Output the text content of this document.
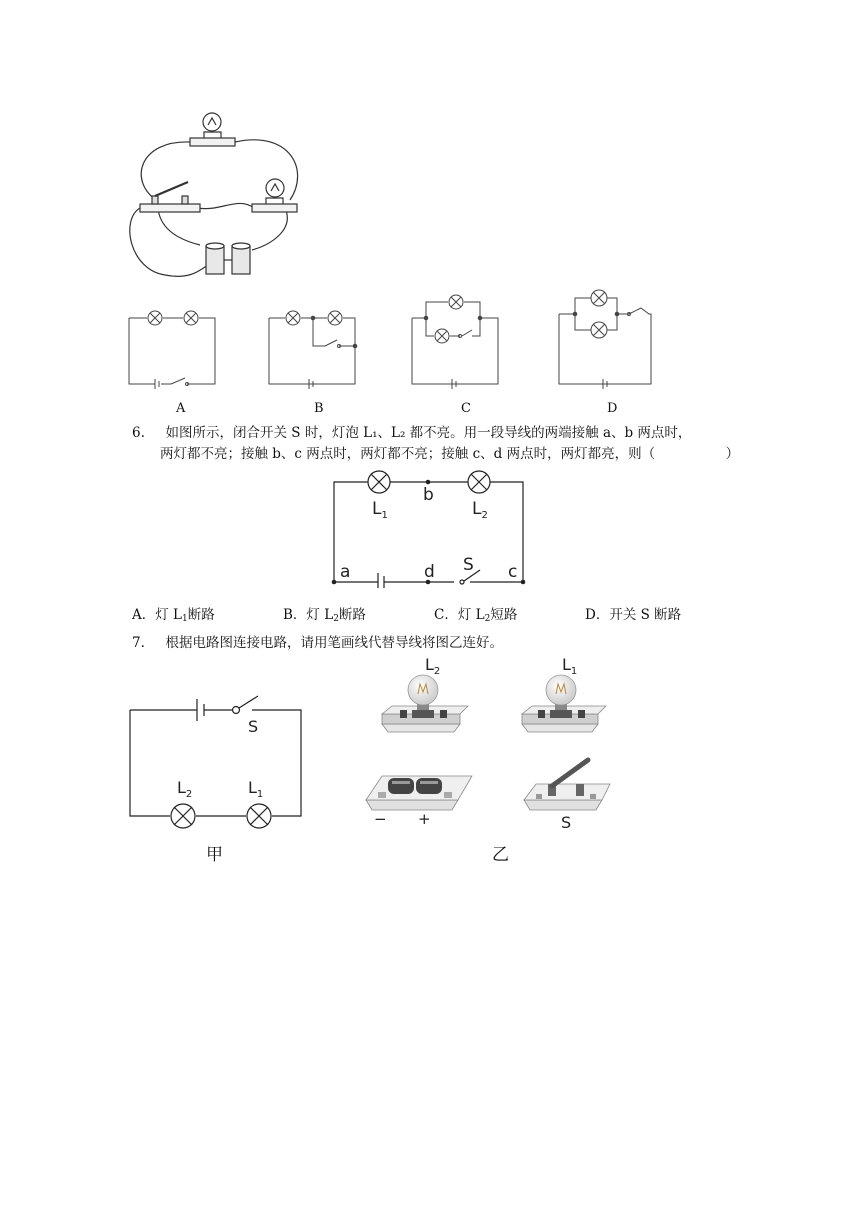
A	B	C	D
6. 如图所示，闭合开关 S 时，灯泡 L₁、L₂ 都不亮。用一段导线的两端接触 a、b 两点时，
两灯都不亮；接触 b、c 两点时，两灯都不亮；接触 c、d 两点时，两灯都亮，则（	）
$L_1$
b
$L_2$
a	d S c
A．灯 $L_1$断路	B．灯 $L_2$断路	C．灯 $L_2$短路	D．开关 S 断路
7. 根据电路图连接电路，请用笔画线代替导线将图乙连好。
S
$L_2$	$L_1$
甲
$L_2$	$L_1$
− +	S
乙
